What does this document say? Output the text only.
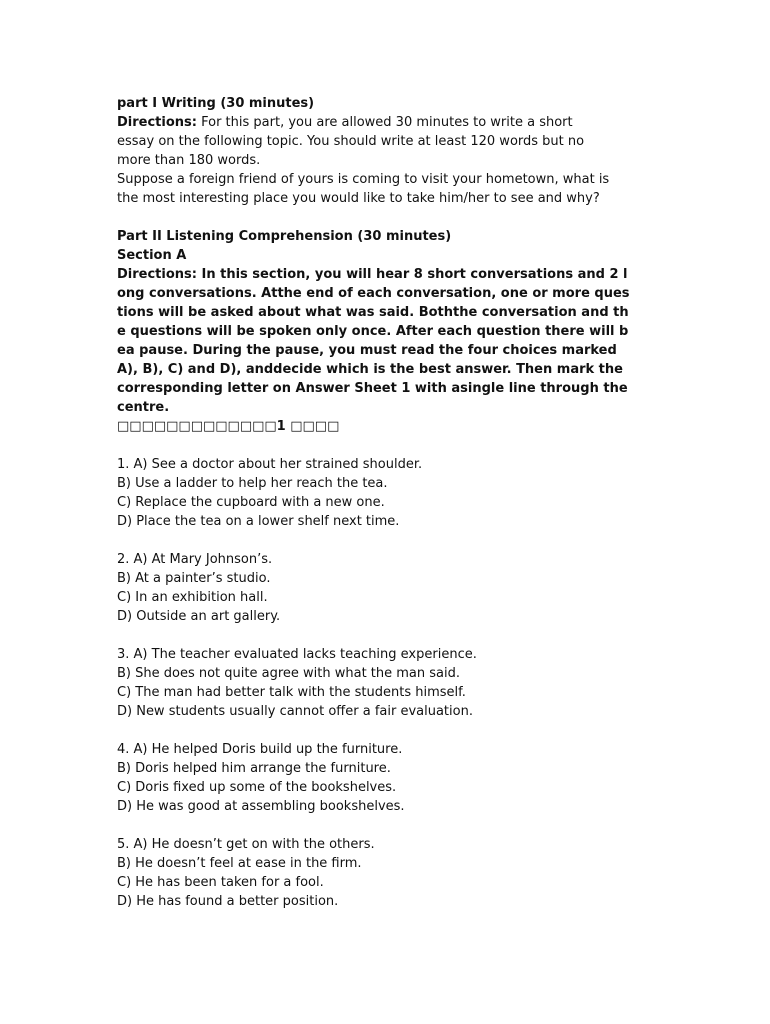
part I Writing (30 minutes)
Directions: For this part, you are allowed 30 minutes to write a short
essay on the following topic. You should write at least 120 words but no
more than 180 words.
Suppose a foreign friend of yours is coming to visit your hometown, what is
the most interesting place you would like to take him/her to see and why?
Part II Listening Comprehension (30 minutes)
Section A
Directions: In this section, you will hear 8 short conversations and 2 l
ong conversations. Atthe end of each conversation, one or more ques
tions will be asked about what was said. Boththe conversation and th
e questions will be spoken only once. After each question there will b
ea pause. During the pause, you must read the four choices marked
A), B), C) and D), anddecide which is the best answer. Then mark the
corresponding letter on Answer Sheet 1 with asingle line through the
centre.
□□□□□□□□□□□□□1 □□□□
1. A) See a doctor about her strained shoulder.
B) Use a ladder to help her reach the tea.
C) Replace the cupboard with a new one.
D) Place the tea on a lower shelf next time.
2. A) At Mary Johnson’s.
B) At a painter’s studio.
C) In an exhibition hall.
D) Outside an art gallery.
3. A) The teacher evaluated lacks teaching experience.
B) She does not quite agree with what the man said.
C) The man had better talk with the students himself.
D) New students usually cannot offer a fair evaluation.
4. A) He helped Doris build up the furniture.
B) Doris helped him arrange the furniture.
C) Doris fixed up some of the bookshelves.
D) He was good at assembling bookshelves.
5. A) He doesn’t get on with the others.
B) He doesn’t feel at ease in the firm.
C) He has been taken for a fool.
D) He has found a better position.
